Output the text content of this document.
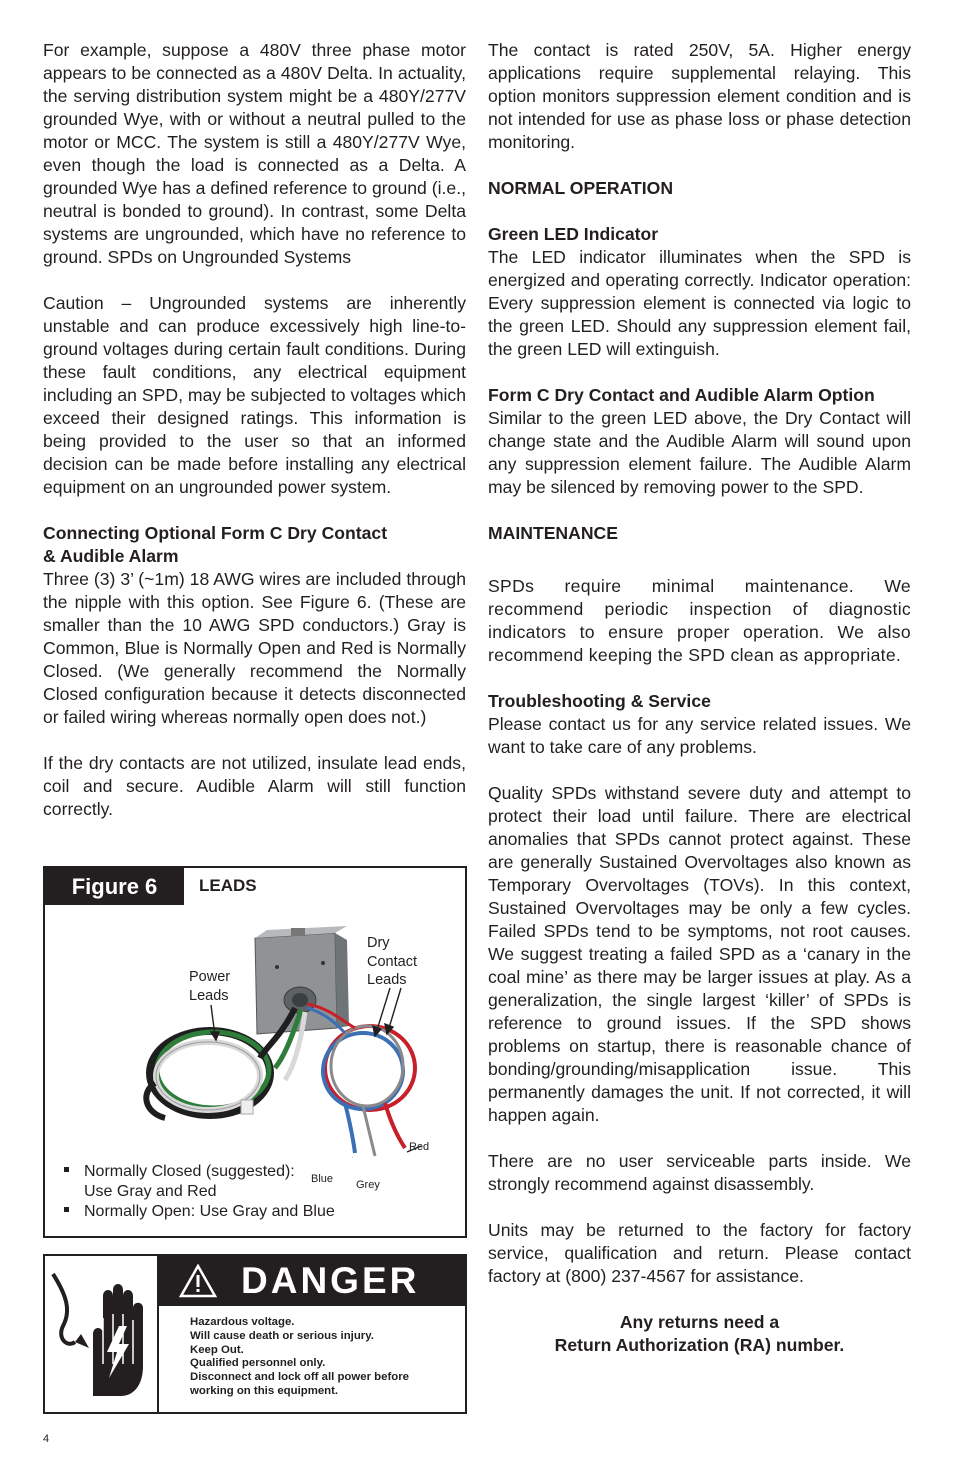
For example, suppose a 480V three phase motor appears to be connected as a 480V Delta. In actuality, the serving distribution system might be a 480Y/277V grounded Wye, with or without a neutral pulled to the motor or MCC. The system is still a 480Y/277V Wye, even though the load is connected as a Delta. A grounded Wye has a defined reference to ground (i.e., neutral is bonded to ground). In contrast, some Delta systems are ungrounded, which have no reference to ground. SPDs on Ungrounded Systems

Caution – Ungrounded systems are inherently unstable and can produce excessively high line-to-ground voltages during certain fault conditions. During these fault conditions, any electrical equipment including an SPD, may be subjected to voltages which exceed their designed ratings. This information is being provided to the user so that an informed decision can be made before installing any electrical equipment on an ungrounded power system.

Connecting Optional Form C Dry Contact
& Audible Alarm

Three (3) 3’ (~1m) 18 AWG wires are included through the nipple with this option. See Figure 6. (These are smaller than the 10 AWG SPD conductors.) Gray is Common, Blue is Normally Open and Red is Normally Closed. (We generally recommend the Normally Closed configuration because it detects disconnected or failed wiring whereas normally open does not.)

If the dry contacts are not utilized, insulate lead ends, coil and secure. Audible Alarm will still function correctly.

Figure 6	LEADS
Power
Leads
Dry
Contact
Leads
Red
Blue Grey
Normally Closed (suggested):
Use Gray and Red
Normally Open: Use Gray and Blue
DANGER
Hazardous voltage.
Will cause death or serious injury.
Keep Out.
Qualified personnel only.
Disconnect and lock off all power before
working on this equipment.

The contact is rated 250V, 5A. Higher energy applications require supplemental relaying. This option monitors suppression element condition and is not intended for use as phase loss or phase detection monitoring.

NORMAL OPERATION
Green LED Indicator

The LED indicator illuminates when the SPD is energized and operating correctly. Indicator operation: Every suppression element is connected via logic to the green LED. Should any suppression element fail, the green LED will extinguish.

Form C Dry Contact and Audible Alarm Option

Similar to the green LED above, the Dry Contact will change state and the Audible Alarm will sound upon any suppression element failure. The Audible Alarm may be silenced by removing power to the SPD.

MAINTENANCE

SPDs require minimal maintenance. We recommend periodic inspection of diagnostic indicators to ensure proper operation. We also recommend keeping the SPD clean as appropriate.

Troubleshooting & Service

Please contact us for any service related issues. We want to take care of any problems.

Quality SPDs withstand severe duty and attempt to protect their load until failure. There are electrical anomalies that SPDs cannot protect against. These are generally Sustained Overvoltages also known as Temporary Overvoltages (TOVs). In this context, Sustained Overvoltages may be only a few cycles. Failed SPDs tend to be symptoms, not root causes. We suggest treating a failed SPD as a ‘canary in the coal mine’ as there may be larger issues at play. As a generalization, the single largest ‘killer’ of SPDs is reference to ground issues. If the SPD shows problems on startup, there is reasonable chance of bonding/grounding/misapplication issue. This permanently damages the unit. If not corrected, it will happen again.

There are no user serviceable parts inside. We strongly recommend against disassembly.

Units may be returned to the factory for factory service, qualification and return. Please contact factory at (800) 237-4567 for assistance.

Any returns need a
Return Authorization (RA) number.
4
